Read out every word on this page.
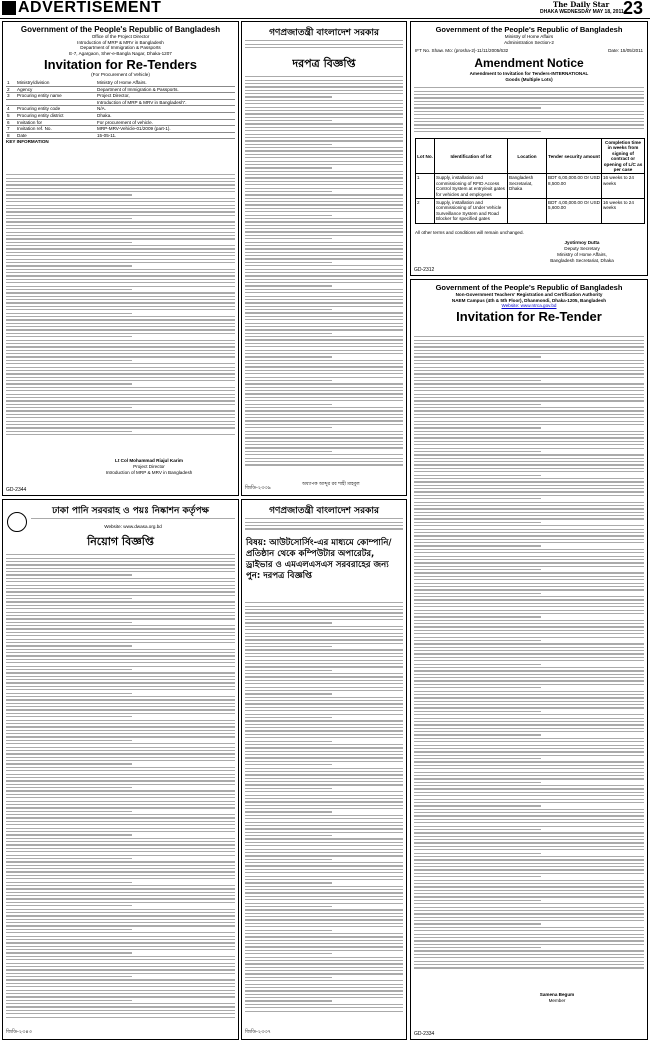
ADVERTISEMENT	The Daily Star
DHAKA WEDNESDAY MAY 18, 2011 23
Government of the People's Republic of Bangladesh
Office of the Project Director
Introduction of MRP & MRV in Bangladesh
Department of Immigration & Passports
E-7, Agargaon, Sher-e-Bangla Nagar, Dhaka-1207
Invitation for Re-Tenders
(For Procurement of Vehicle)
1	Ministry/division	Ministry of Home Affairs.
2	Agency	Department of Immigration & Passports.
3	Procuring entity name	Project Director,
Introduction of MRP & MRV in Bangladesh".
4	Procuring entity code	N/A.
5	Procuring entity district	Dhaka.
6	Invitation for	For procurement of vehicle.
7	Invitation ref. No.	MRP-MRV-Vehicle-01/2009 (part-1).
8	Date	15-05-11.
KEY INFORMATION
Lt Col Mohammad Riajul Karim
Project Director
Introduction of MRP & MRV in Bangladesh
GD-2344
গণপ্রজাতন্ত্রী বাংলাদেশ সরকার
দরপত্র বিজ্ঞপ্তি
অধ্যাপক আব্দুর রব শাহী মাহবুল
জিডি-২৩৩৯
Government of the People's Republic of Bangladesh
Ministry of Home Affairs
Administration Section-2
IFT No. Shaw. Mo: (prosha-2)-11/11/2005/632	Date: 15/05/2011
Amendment Notice
Amendment to Invitation for Tenders-INTERNATIONAL
Goods (Multiple Lots)
Lot No.	Identification of lot	Location	Tender security amount	Completion time in weeks from signing of contract or opening of L/C as per case
1	Supply, installation and commissioning of RFID Access Control System at entry/exit gates for vehicles and employees	Bangladesh Secretariat, Dhaka	BDT 6,00,000.00 Or USD 8,500.00	16 weeks to 24 weeks
2	Supply, installation and commissioning of Under Vehicle Surveillance System and Road Blocker for specified gates		BDT 4,00,000.00 Or USD 5,600.00	16 weeks to 24 weeks
All other terms and conditions will remain unchanged.
Jyotirmoy Dutta
Deputy Secretary
Ministry of Home Affairs,
Bangladesh Secretariat, Dhaka
GD-2312
Government of the People's Republic of Bangladesh
Non-Government Teachers' Registration and Certification Authority
NAEM Campus (4th & 5th Floor), Dhanmondi, Dhaka-1205, Bangladesh
Website: www.ntrca.gov.bd
Invitation for Re-Tender
Samena Begum
Member
GD-2334
ঢাকা পানি সরবরাহ ও পয়ঃ নিষ্কাশন কর্তৃপক্ষ
Website: www.dwasa.org.bd
নিয়োগ বিজ্ঞপ্তি
জিডি-২৩৪৩
গণপ্রজাতন্ত্রী বাংলাদেশ সরকার
বিষয়: আউটসোর্সিং-এর মাধ্যমে কোম্পানি/প্রতিষ্ঠান থেকে কম্পিউটার অপারেটর, ড্রাইভার ও এমএলএসএস সরবরাহের জন্য পুন: দরপত্র বিজ্ঞপ্তি
জিডি-২৩৩৭
